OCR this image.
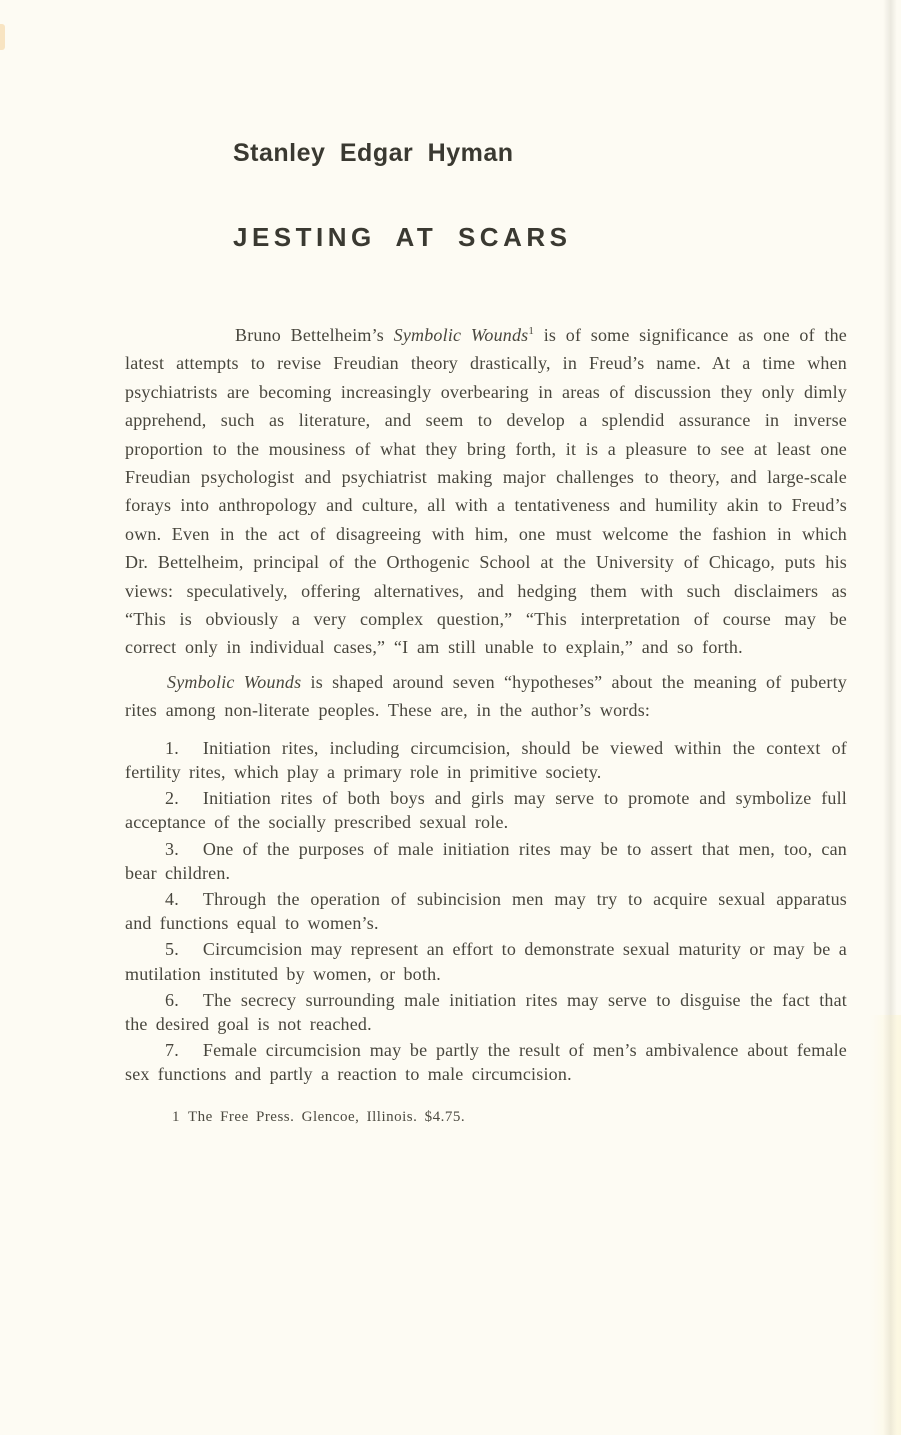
Stanley Edgar Hyman
JESTING AT SCARS

Bruno Bettelheim’s Symbolic Wounds$^1$ is of some significance as one of the latest attempts to revise Freudian theory drastically, in Freud’s name. At a time when psychiatrists are becoming increasingly overbearing in areas of discussion they only dimly apprehend, such as literature, and seem to develop a splendid assurance in inverse proportion to the mousiness of what they bring forth, it is a pleasure to see at least one Freudian psychologist and psychiatrist making major challenges to theory, and large-scale forays into anthropology and culture, all with a tentativeness and humility akin to Freud’s own. Even in the act of disagreeing with him, one must welcome the fashion in which Dr. Bettelheim, principal of the Orthogenic School at the University of Chicago, puts his views: speculatively, offering alternatives, and hedging them with such disclaimers as “This is obviously a very complex question,” “This interpretation of course may be correct only in individual cases,” “I am still unable to explain,” and so forth.

Symbolic Wounds is shaped around seven “hypotheses” about the meaning of puberty rites among non-literate peoples. These are, in the author’s words:

1. Initiation rites, including circumcision, should be viewed within the context of fertility rites, which play a primary role in primitive society.

2. Initiation rites of both boys and girls may serve to promote and symbolize full acceptance of the socially prescribed sexual role.

3. One of the purposes of male initiation rites may be to assert that men, too, can bear children.

4. Through the operation of subincision men may try to acquire sexual apparatus and functions equal to women’s.

5. Circumcision may represent an effort to demonstrate sexual maturity or may be a mutilation instituted by women, or both.

6. The secrecy surrounding male initiation rites may serve to disguise the fact that the desired goal is not reached.

7. Female circumcision may be partly the result of men’s ambivalence about female sex functions and partly a reaction to male circumcision.

1 The Free Press. Glencoe, Illinois. $4.75.
